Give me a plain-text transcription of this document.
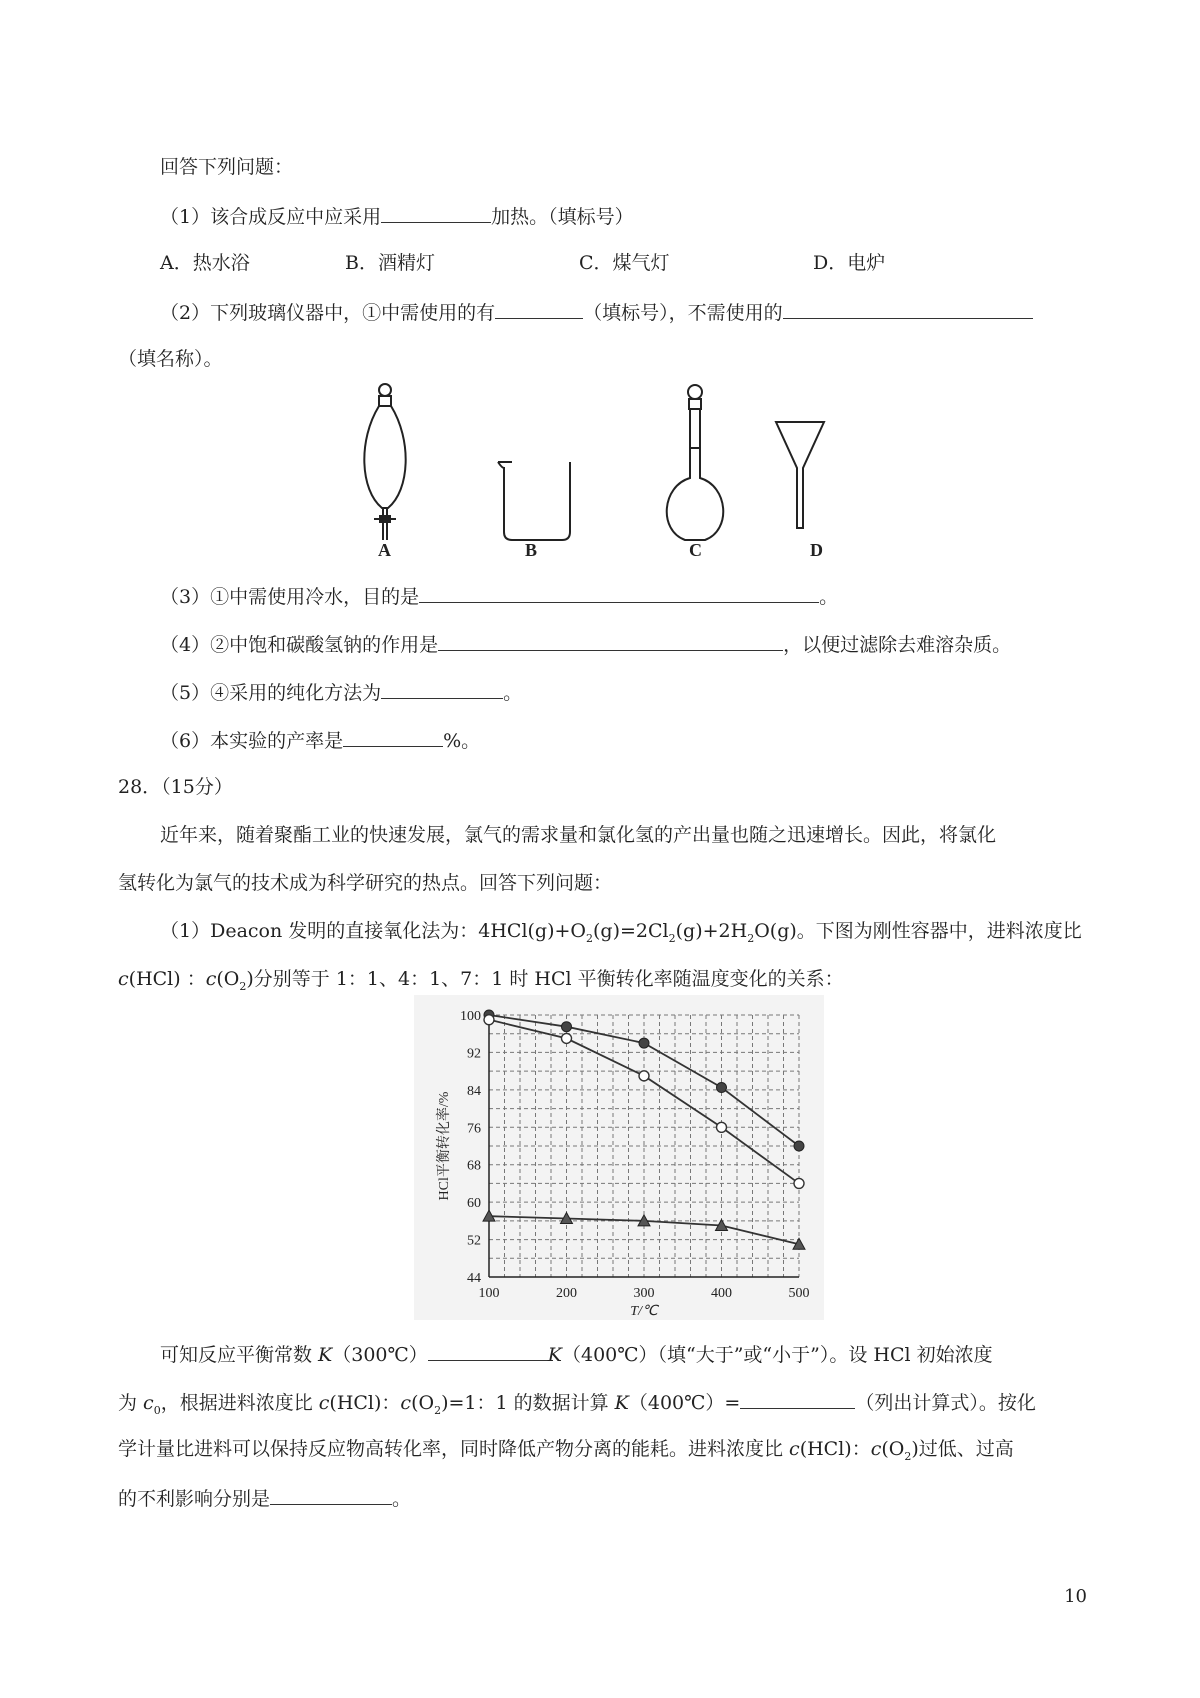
回答下列问题：
（1）该合成反应中应采用	加热。（填标号）
A．热水浴	B．酒精灯	C．煤气灯	D．电炉
（2）下列玻璃仪器中，①中需使用的有	（填标号），不需使用的
（填名称）。
A	B	C	D
（3）①中需使用冷水，目的是	。
（4）②中饱和碳酸氢钠的作用是	，以便过滤除去难溶杂质。
（5）④采用的纯化方法为	。
（6）本实验的产率是	%。
28．（15分）
近年来，随着聚酯工业的快速发展，氯气的需求量和氯化氢的产出量也随之迅速增长。因此，将氯化
氢转化为氯气的技术成为科学研究的热点。回答下列问题：
（1）Deacon 发明的直接氧化法为：$4HCl(g)+O_2(g)=2Cl_2(g)+2H_2O(g)$。下图为刚性容器中，进料浓度比
c(HCl) ：$c(O_2)$分别等于 1：1、4：1、7：1 时 HCl 平衡转化率随温度变化的关系：
100
92
84
76
68
60
52
44
100	200	300	400	500
T/℃
HCl平衡转化率/%
可知反应平衡常数 K（300℃）	K（400℃）（填“大于”或“小于”）。设 HCl 初始浓度
为 $c_0$，根据进料浓度比 c(HCl)：$c(O_2)=1$：1 的数据计算 K（400℃）=	（列出计算式）。按化
学计量比进料可以保持反应物高转化率，同时降低产物分离的能耗。进料浓度比 c(HCl)：$c(O_2)$过低、过高
的不利影响分别是	。
10
